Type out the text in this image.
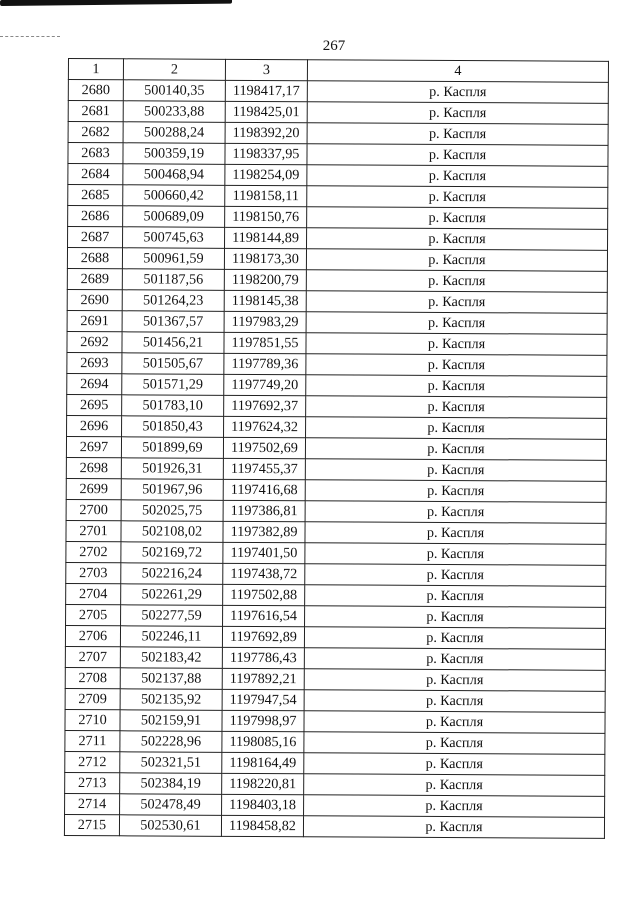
267
1	2	3	4
2680	500140,35	1198417,17	р. Каспля
2681	500233,88	1198425,01	р. Каспля
2682	500288,24	1198392,20	р. Каспля
2683	500359,19	1198337,95	р. Каспля
2684	500468,94	1198254,09	р. Каспля
2685	500660,42	1198158,11	р. Каспля
2686	500689,09	1198150,76	р. Каспля
2687	500745,63	1198144,89	р. Каспля
2688	500961,59	1198173,30	р. Каспля
2689	501187,56	1198200,79	р. Каспля
2690	501264,23	1198145,38	р. Каспля
2691	501367,57	1197983,29	р. Каспля
2692	501456,21	1197851,55	р. Каспля
2693	501505,67	1197789,36	р. Каспля
2694	501571,29	1197749,20	р. Каспля
2695	501783,10	1197692,37	р. Каспля
2696	501850,43	1197624,32	р. Каспля
2697	501899,69	1197502,69	р. Каспля
2698	501926,31	1197455,37	р. Каспля
2699	501967,96	1197416,68	р. Каспля
2700	502025,75	1197386,81	р. Каспля
2701	502108,02	1197382,89	р. Каспля
2702	502169,72	1197401,50	р. Каспля
2703	502216,24	1197438,72	р. Каспля
2704	502261,29	1197502,88	р. Каспля
2705	502277,59	1197616,54	р. Каспля
2706	502246,11	1197692,89	р. Каспля
2707	502183,42	1197786,43	р. Каспля
2708	502137,88	1197892,21	р. Каспля
2709	502135,92	1197947,54	р. Каспля
2710	502159,91	1197998,97	р. Каспля
2711	502228,96	1198085,16	р. Каспля
2712	502321,51	1198164,49	р. Каспля
2713	502384,19	1198220,81	р. Каспля
2714	502478,49	1198403,18	р. Каспля
2715	502530,61	1198458,82	р. Каспля
